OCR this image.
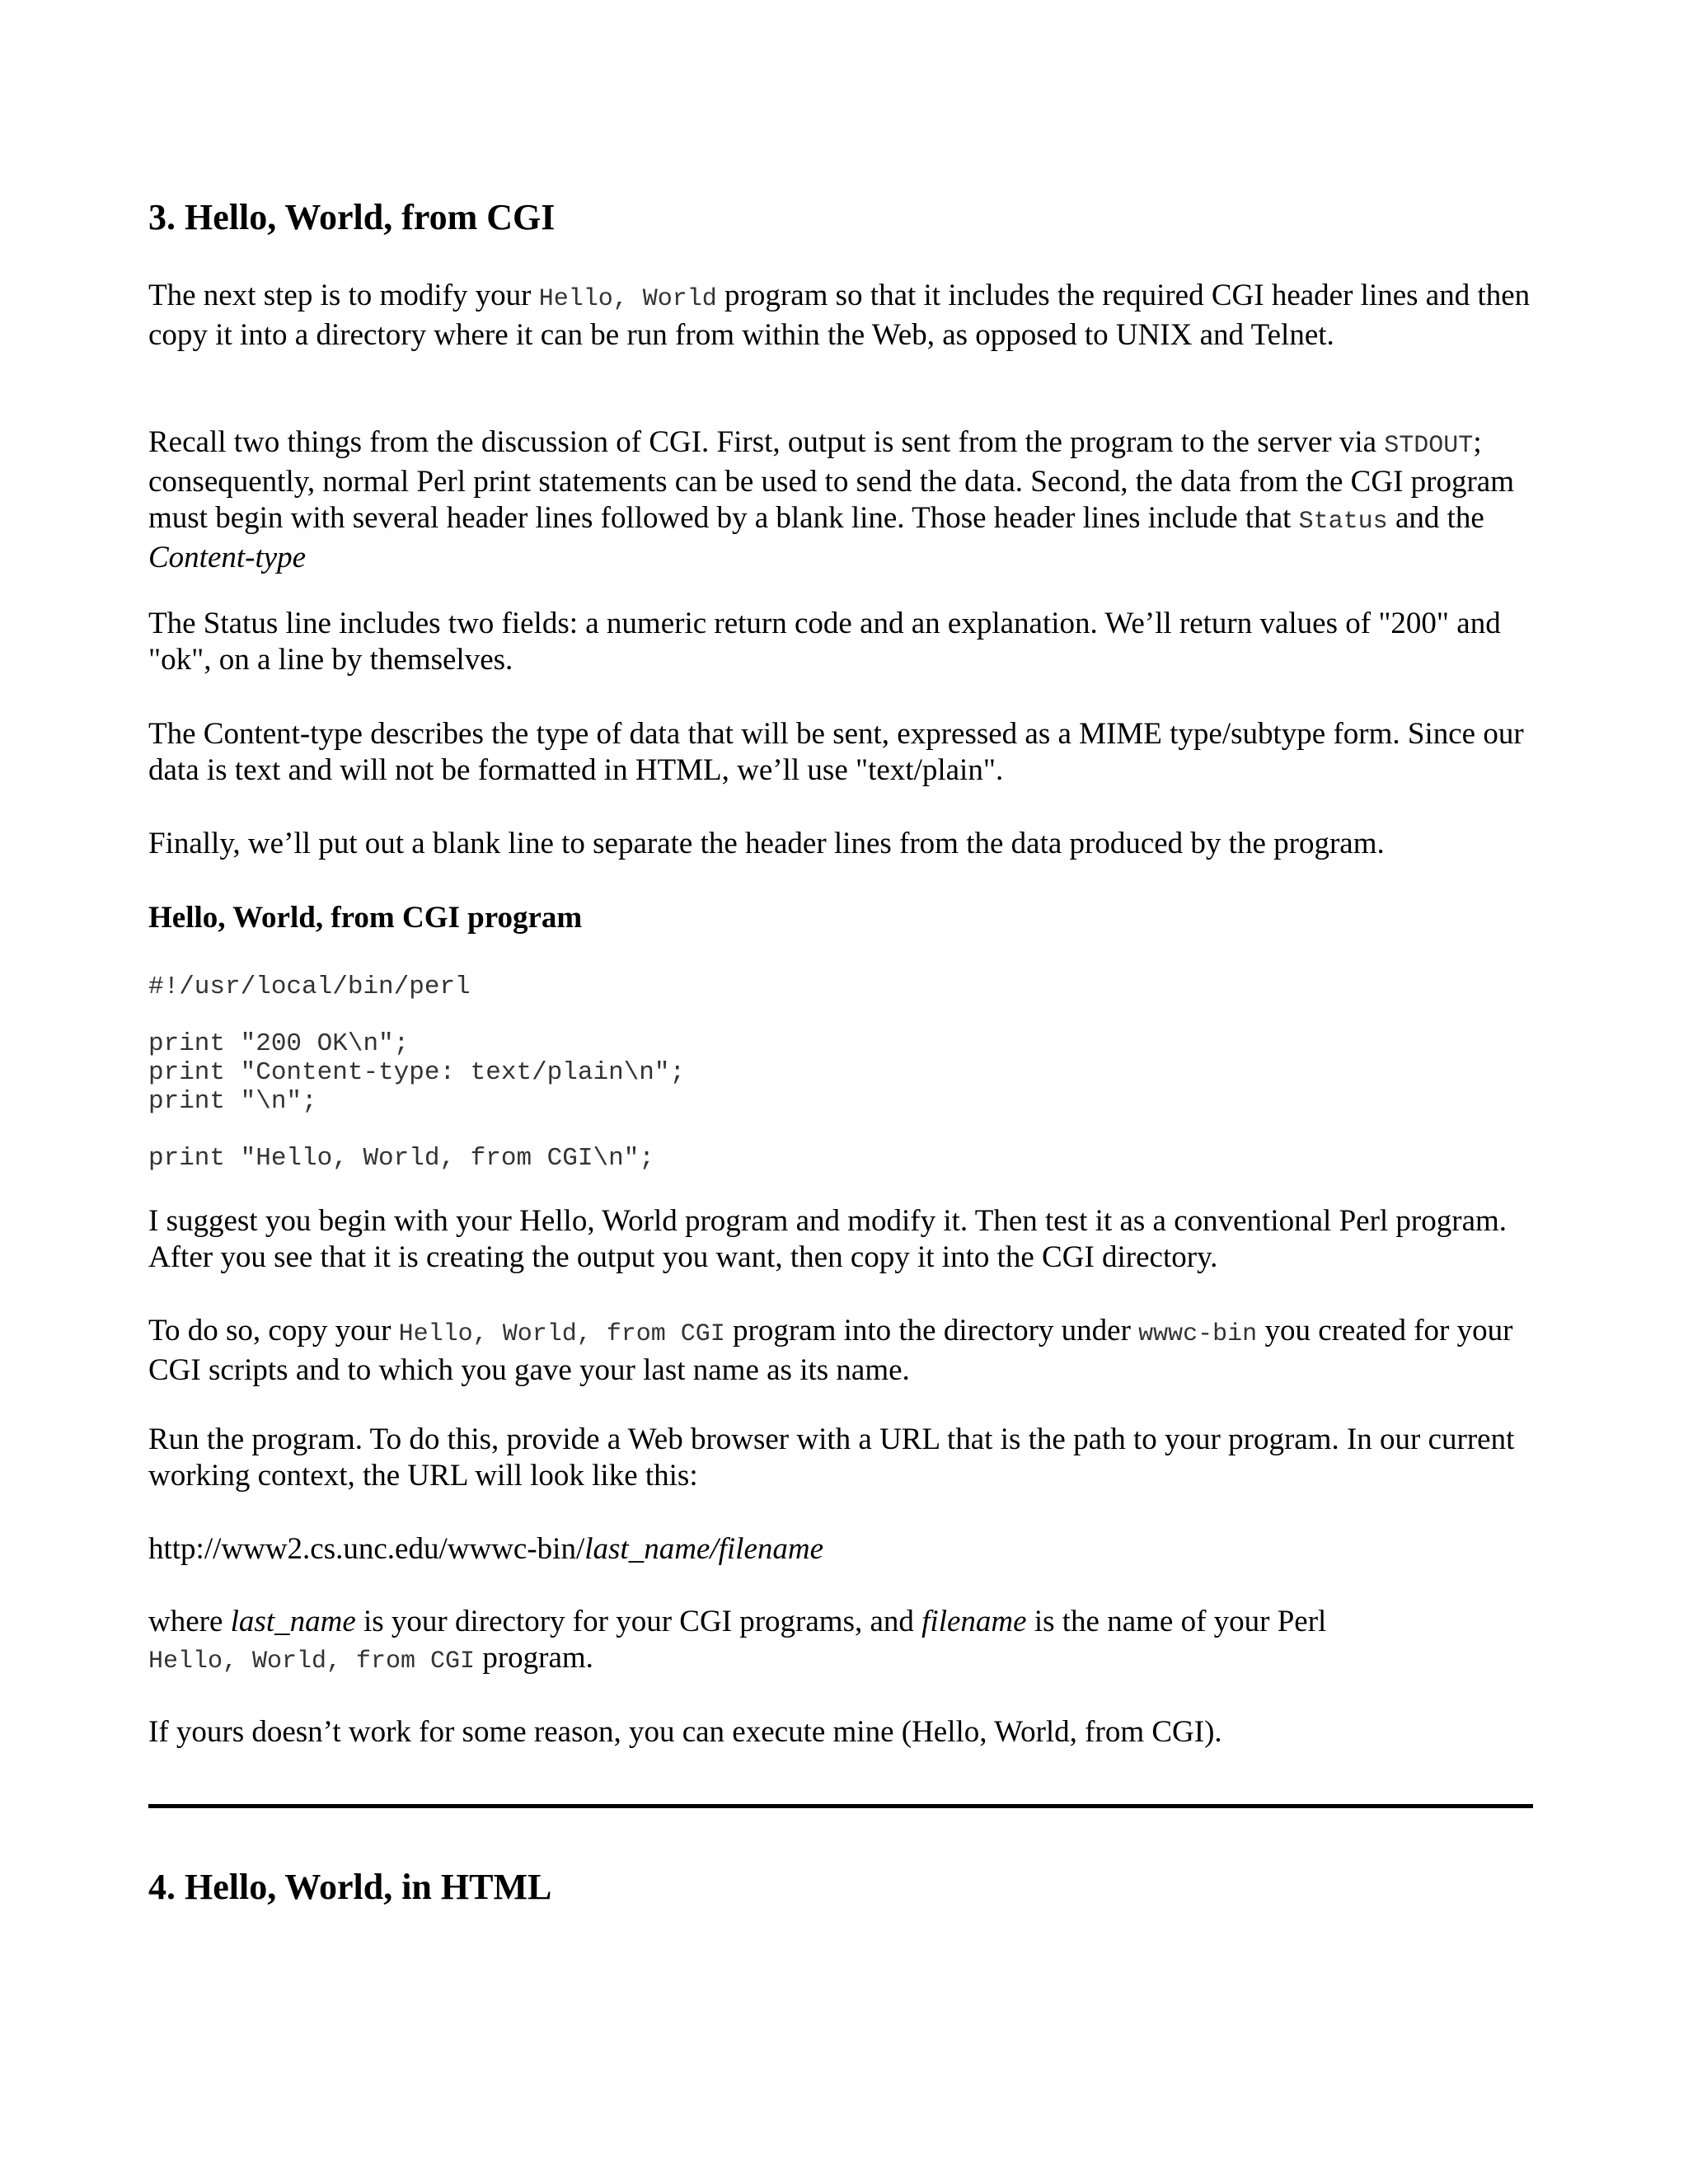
3. Hello, World, from CGI

The next step is to modify your Hello, World program so that it includes the required CGI header lines and then copy it into a directory where it can be run from within the Web, as opposed to UNIX and Telnet.

Recall two things from the discussion of CGI. First, output is sent from the program to the server via STDOUT; consequently, normal Perl print statements can be used to send the data. Second, the data from the CGI program must begin with several header lines followed by a blank line. Those header lines include that Status and the Content-type

The Status line includes two fields: a numeric return code and an explanation. We’ll return values of "200" and "ok", on a line by themselves.

The Content-type describes the type of data that will be sent, expressed as a MIME type/subtype form. Since our data is text and will not be formatted in HTML, we’ll use "text/plain".

Finally, we’ll put out a blank line to separate the header lines from the data produced by the program.

Hello, World, from CGI program
#!/usr/local/bin/perl
print "200 OK\n";
print "Content-type: text/plain\n";
print "\n";
print "Hello, World, from CGI\n";

I suggest you begin with your Hello, World program and modify it. Then test it as a conventional Perl program. After you see that it is creating the output you want, then copy it into the CGI directory.

To do so, copy your Hello, World, from CGI program into the directory under wwwc-bin you created for your CGI scripts and to which you gave your last name as its name.

Run the program. To do this, provide a Web browser with a URL that is the path to your program. In our current working context, the URL will look like this:

http://www2.cs.unc.edu/wwwc-bin/last_name/filename

where last_name is your directory for your CGI programs, and filename is the name of your Perl
Hello, World, from CGI program.

If yours doesn’t work for some reason, you can execute mine (Hello, World, from CGI).

4. Hello, World, in HTML
